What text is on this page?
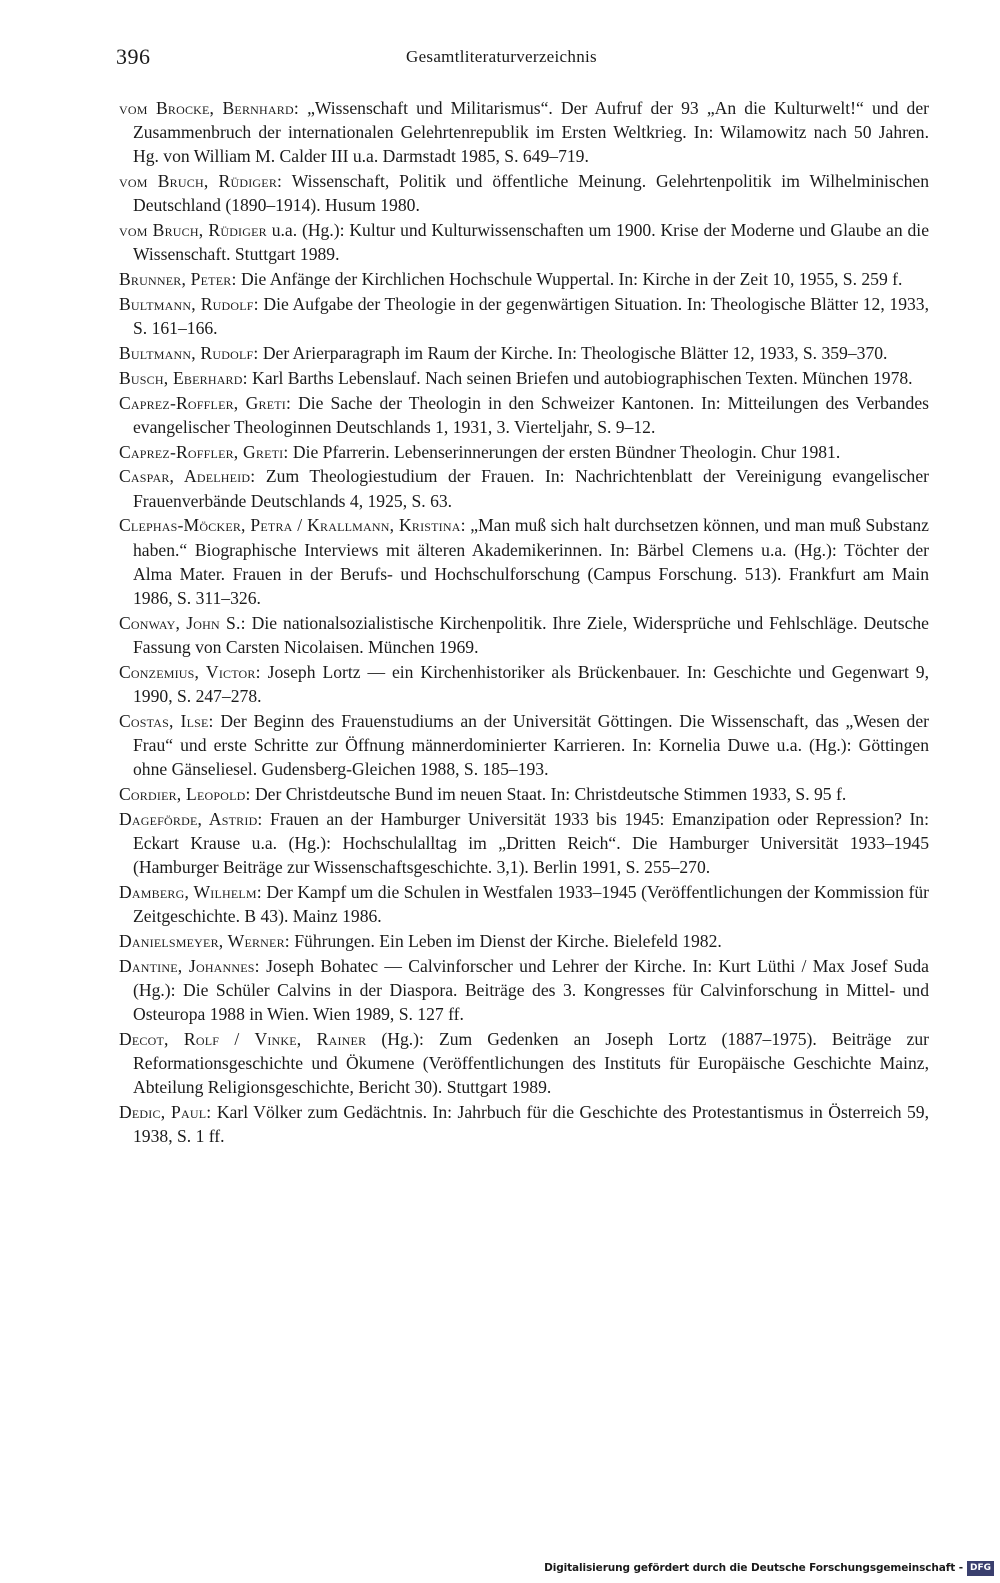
396	Gesamtliteraturverzeichnis
vom Brocke, Bernhard: „Wissenschaft und Militarismus“. Der Aufruf der 93 „An die Kulturwelt!“ und der Zusammenbruch der internationalen Gelehrtenrepublik im Ersten Weltkrieg. In: Wilamowitz nach 50 Jahren. Hg. von William M. Calder III u.a. Darmstadt 1985, S. 649–719.
vom Bruch, Rüdiger: Wissenschaft, Politik und öffentliche Meinung. Gelehrtenpolitik im Wilhelminischen Deutschland (1890–1914). Husum 1980.
vom Bruch, Rüdiger u.a. (Hg.): Kultur und Kulturwissenschaften um 1900. Krise der Moderne und Glaube an die Wissenschaft. Stuttgart 1989.
Brunner, Peter: Die Anfänge der Kirchlichen Hochschule Wuppertal. In: Kirche in der Zeit 10, 1955, S. 259 f.
Bultmann, Rudolf: Die Aufgabe der Theologie in der gegenwärtigen Situation. In: Theologische Blätter 12, 1933, S. 161–166.
Bultmann, Rudolf: Der Arierparagraph im Raum der Kirche. In: Theologische Blätter 12, 1933, S. 359–370.
Busch, Eberhard: Karl Barths Lebenslauf. Nach seinen Briefen und autobiographischen Texten. München 1978.
Caprez-Roffler, Greti: Die Sache der Theologin in den Schweizer Kantonen. In: Mitteilungen des Verbandes evangelischer Theologinnen Deutschlands 1, 1931, 3. Vierteljahr, S. 9–12.
Caprez-Roffler, Greti: Die Pfarrerin. Lebenserinnerungen der ersten Bündner Theologin. Chur 1981.
Caspar, Adelheid: Zum Theologiestudium der Frauen. In: Nachrichtenblatt der Vereinigung evangelischer Frauenverbände Deutschlands 4, 1925, S. 63.
Clephas-Möcker, Petra / Krallmann, Kristina: „Man muß sich halt durchsetzen können, und man muß Substanz haben.“ Biographische Interviews mit älteren Akademikerinnen. In: Bärbel Clemens u.a. (Hg.): Töchter der Alma Mater. Frauen in der Berufs- und Hochschulforschung (Campus Forschung. 513). Frankfurt am Main 1986, S. 311–326.
Conway, John S.: Die nationalsozialistische Kirchenpolitik. Ihre Ziele, Widersprüche und Fehlschläge. Deutsche Fassung von Carsten Nicolaisen. München 1969.
Conzemius, Victor: Joseph Lortz — ein Kirchenhistoriker als Brückenbauer. In: Geschichte und Gegenwart 9, 1990, S. 247–278.
Costas, Ilse: Der Beginn des Frauenstudiums an der Universität Göttingen. Die Wissenschaft, das „Wesen der Frau“ und erste Schritte zur Öffnung männerdominierter Karrieren. In: Kornelia Duwe u.a. (Hg.): Göttingen ohne Gänseliesel. Gudensberg-Gleichen 1988, S. 185–193.
Cordier, Leopold: Der Christdeutsche Bund im neuen Staat. In: Christdeutsche Stimmen 1933, S. 95 f.
Dageförde, Astrid: Frauen an der Hamburger Universität 1933 bis 1945: Emanzipation oder Repression? In: Eckart Krause u.a. (Hg.): Hochschulalltag im „Dritten Reich“. Die Hamburger Universität 1933–1945 (Hamburger Beiträge zur Wissenschaftsgeschichte. 3,1). Berlin 1991, S. 255–270.
Damberg, Wilhelm: Der Kampf um die Schulen in Westfalen 1933–1945 (Veröffentlichungen der Kommission für Zeitgeschichte. B 43). Mainz 1986.
Danielsmeyer, Werner: Führungen. Ein Leben im Dienst der Kirche. Bielefeld 1982.
Dantine, Johannes: Joseph Bohatec — Calvinforscher und Lehrer der Kirche. In: Kurt Lüthi / Max Josef Suda (Hg.): Die Schüler Calvins in der Diaspora. Beiträge des 3. Kongresses für Calvinforschung in Mittel- und Osteuropa 1988 in Wien. Wien 1989, S. 127 ff.
Decot, Rolf / Vinke, Rainer (Hg.): Zum Gedenken an Joseph Lortz (1887–1975). Beiträge zur Reformationsgeschichte und Ökumene (Veröffentlichungen des Instituts für Europäische Geschichte Mainz, Abteilung Religionsgeschichte, Bericht 30). Stuttgart 1989.
Dedic, Paul: Karl Völker zum Gedächtnis. In: Jahrbuch für die Geschichte des Protestantismus in Österreich 59, 1938, S. 1 ff.
Digitalisierung gefördert durch die Deutsche Forschungsgemeinschaft - DFG
